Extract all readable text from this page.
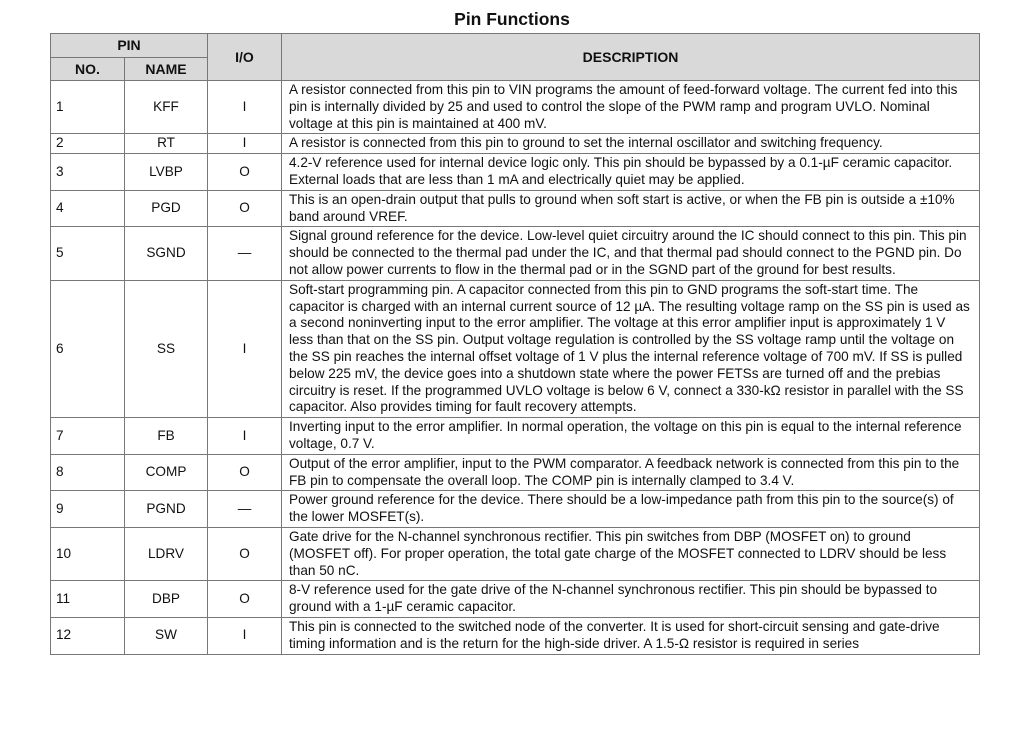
Pin Functions
PIN		I/O	DESCRIPTION
NO.	NAME		
1	KFF	I	A resistor connected from this pin to VIN programs the amount of feed-forward voltage. The current fed into this pin is internally divided by 25 and used to control the slope of the PWM ramp and program UVLO. Nominal voltage at this pin is maintained at 400 mV.
2	RT	I	A resistor is connected from this pin to ground to set the internal oscillator and switching frequency.
3	LVBP	O	4.2-V reference used for internal device logic only. This pin should be bypassed by a 0.1-µF ceramic capacitor. External loads that are less than 1 mA and electrically quiet may be applied.
4	PGD	O	This is an open-drain output that pulls to ground when soft start is active, or when the FB pin is outside a ±10% band around VREF.
5	SGND	—	Signal ground reference for the device. Low-level quiet circuitry around the IC should connect to this pin. This pin should be connected to the thermal pad under the IC, and that thermal pad should connect to the PGND pin. Do not allow power currents to flow in the thermal pad or in the SGND part of the ground for best results.
6	SS	I	Soft-start programming pin. A capacitor connected from this pin to GND programs the soft-start time. The capacitor is charged with an internal current source of 12 µA. The resulting voltage ramp on the SS pin is used as a second noninverting input to the error amplifier. The voltage at this error amplifier input is approximately 1 V less than that on the SS pin. Output voltage regulation is controlled by the SS voltage ramp until the voltage on the SS pin reaches the internal offset voltage of 1 V plus the internal reference voltage of 700 mV. If SS is pulled below 225 mV, the device goes into a shutdown state where the power FETSs are turned off and the prebias circuitry is reset. If the programmed UVLO voltage is below 6 V, connect a 330-kΩ resistor in parallel with the SS capacitor. Also provides timing for fault recovery attempts.
7	FB	I	Inverting input to the error amplifier. In normal operation, the voltage on this pin is equal to the internal reference voltage, 0.7 V.
8	COMP	O	Output of the error amplifier, input to the PWM comparator. A feedback network is connected from this pin to the FB pin to compensate the overall loop. The COMP pin is internally clamped to 3.4 V.
9	PGND	—	Power ground reference for the device. There should be a low-impedance path from this pin to the source(s) of the lower MOSFET(s).
10	LDRV	O	Gate drive for the N-channel synchronous rectifier. This pin switches from DBP (MOSFET on) to ground (MOSFET off). For proper operation, the total gate charge of the MOSFET connected to LDRV should be less than 50 nC.
11	DBP	O	8-V reference used for the gate drive of the N-channel synchronous rectifier. This pin should be bypassed to ground with a 1-µF ceramic capacitor.
12	SW	I	This pin is connected to the switched node of the converter. It is used for short-circuit sensing and gate-drive timing information and is the return for the high-side driver. A 1.5-Ω resistor is required in series
